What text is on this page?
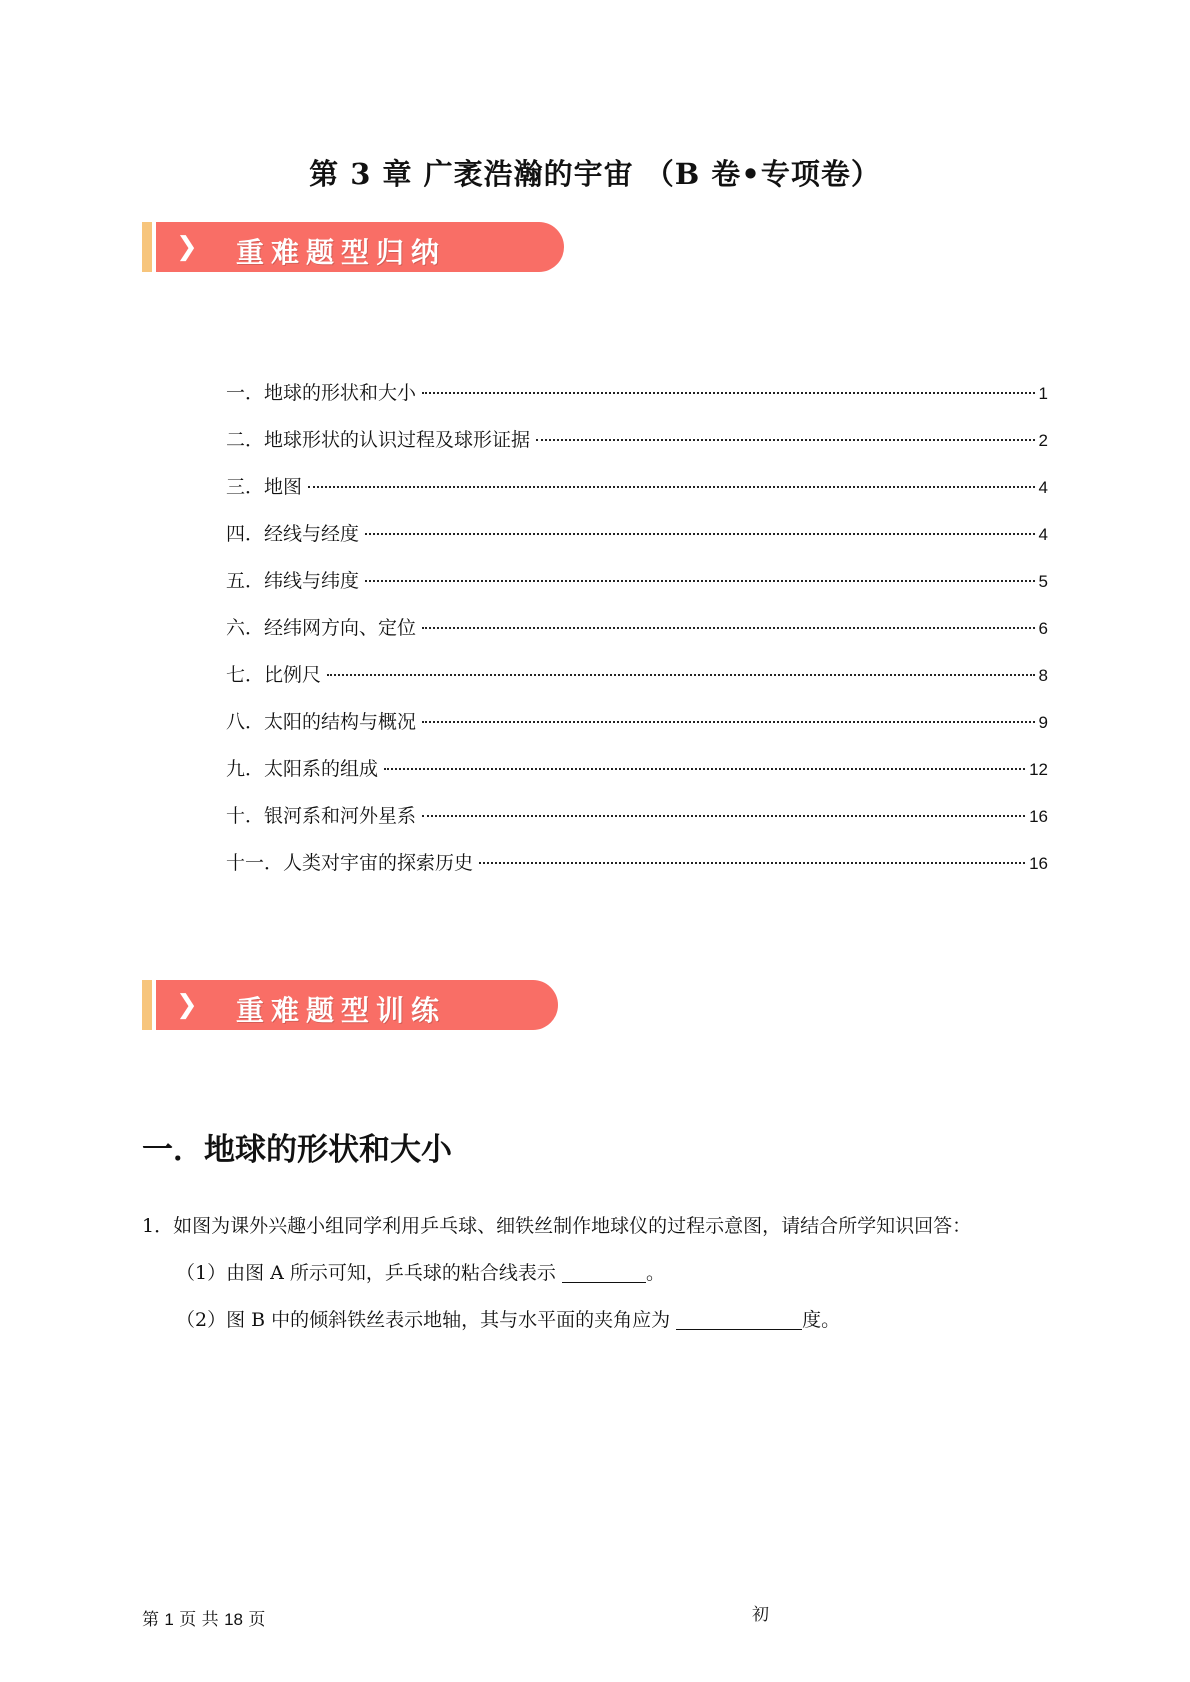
第 3 章 广袤浩瀚的宇宙 （B 卷•专项卷）
❯ 重难题型归纳
一． 地球的形状和大小	1
二． 地球形状的认识过程及球形证据	2
三． 地图	4
四． 经线与经度	4
五． 纬线与纬度	5
六． 经纬网方向、定位	6
七． 比例尺	8
八． 太阳的结构与概况	9
九． 太阳系的组成	12
十． 银河系和河外星系	16
十一． 人类对宇宙的探索历史	16
❯ 重难题型训练
一．地球的形状和大小
1．如图为课外兴趣小组同学利用乒乓球、细铁丝制作地球仪的过程示意图，请结合所学知识回答：
（1）由图 A 所示可知，乒乓球的粘合线表示	。
（2）图 B 中的倾斜铁丝表示地轴，其与水平面的夹角应为	度。
第 1 页 共 18 页	初
